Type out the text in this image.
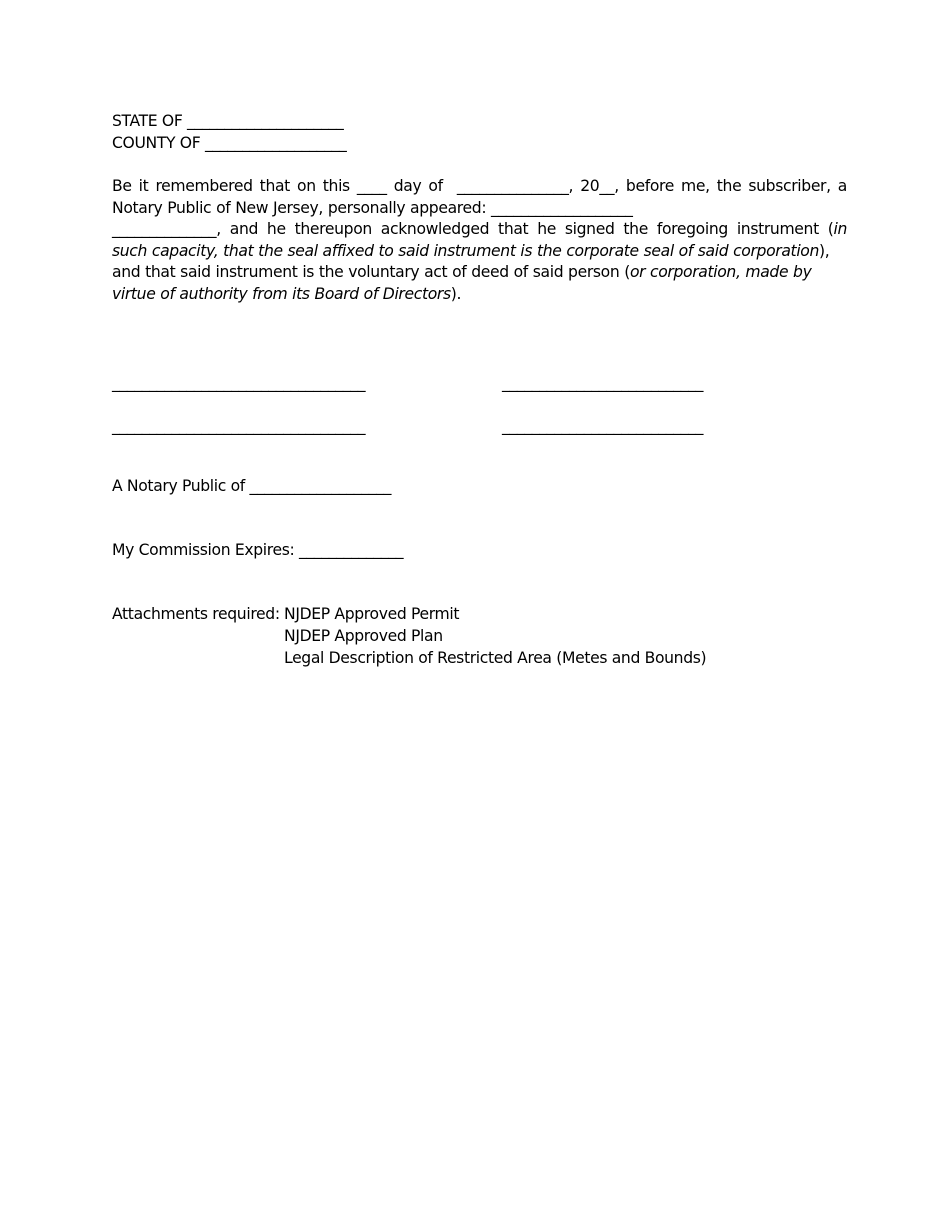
STATE OF _____________________
COUNTY OF ___________________
Be it remembered that on this ____ day of  _______________, 20__, before me, the subscriber, a
Notary Public of New Jersey, personally appeared: ___________________
______________, and he thereupon acknowledged that he signed the foregoing instrument (in
such capacity, that the seal affixed to said instrument is the corporate seal of said corporation),
and that said instrument is the voluntary act of deed of said person (or corporation, made by
virtue of authority from its Board of Directors).
__________________________________	___________________________
__________________________________	___________________________
A Notary Public of ___________________
My Commission Expires: ______________
Attachments required: NJDEP Approved Permit
NJDEP Approved Plan
Legal Description of Restricted Area (Metes and Bounds)
